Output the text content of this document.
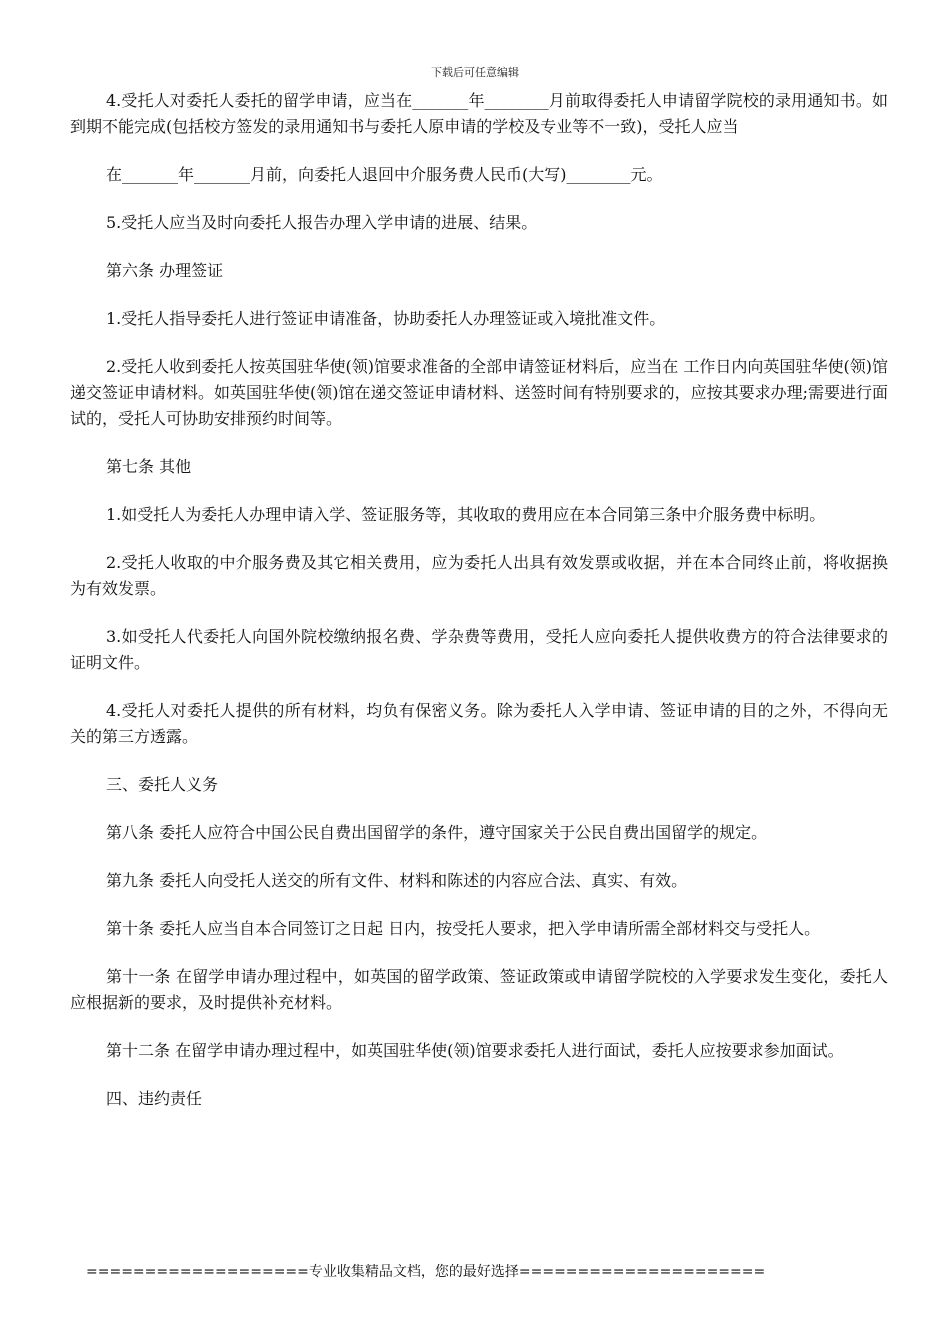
下载后可任意编辑

4.受托人对委托人委托的留学申请，应当在_______年________月前取得委托人申请留学院校的录用通知书。如到期不能完成(包括校方签发的录用通知书与委托人原申请的学校及专业等不一致)，受托人应当

在_______年_______月前，向委托人退回中介服务费人民币(大写)________元。

5.受托人应当及时向委托人报告办理入学申请的进展、结果。

第六条 办理签证

1.受托人指导委托人进行签证申请准备，协助委托人办理签证或入境批准文件。

2.受托人收到委托人按英国驻华使(领)馆要求准备的全部申请签证材料后，应当在 工作日内向英国驻华使(领)馆递交签证申请材料。如英国驻华使(领)馆在递交签证申请材料、送签时间有特别要求的，应按其要求办理;需要进行面试的，受托人可协助安排预约时间等。

第七条 其他

1.如受托人为委托人办理申请入学、签证服务等，其收取的费用应在本合同第三条中介服务费中标明。

2.受托人收取的中介服务费及其它相关费用，应为委托人出具有效发票或收据，并在本合同终止前，将收据换为有效发票。

3.如受托人代委托人向国外院校缴纳报名费、学杂费等费用，受托人应向委托人提供收费方的符合法律要求的证明文件。

4.受托人对委托人提供的所有材料，均负有保密义务。除为委托人入学申请、签证申请的目的之外，不得向无关的第三方透露。

三、委托人义务

第八条 委托人应符合中国公民自费出国留学的条件，遵守国家关于公民自费出国留学的规定。

第九条 委托人向受托人送交的所有文件、材料和陈述的内容应合法、真实、有效。

第十条 委托人应当自本合同签订之日起 日内，按受托人要求，把入学申请所需全部材料交与受托人。

第十一条 在留学申请办理过程中，如英国的留学政策、签证政策或申请留学院校的入学要求发生变化，委托人应根据新的要求，及时提供补充材料。

第十二条 在留学申请办理过程中，如英国驻华使(领)馆要求委托人进行面试，委托人应按要求参加面试。

四、违约责任

===================专业收集精品文档，您的最好选择=====================
